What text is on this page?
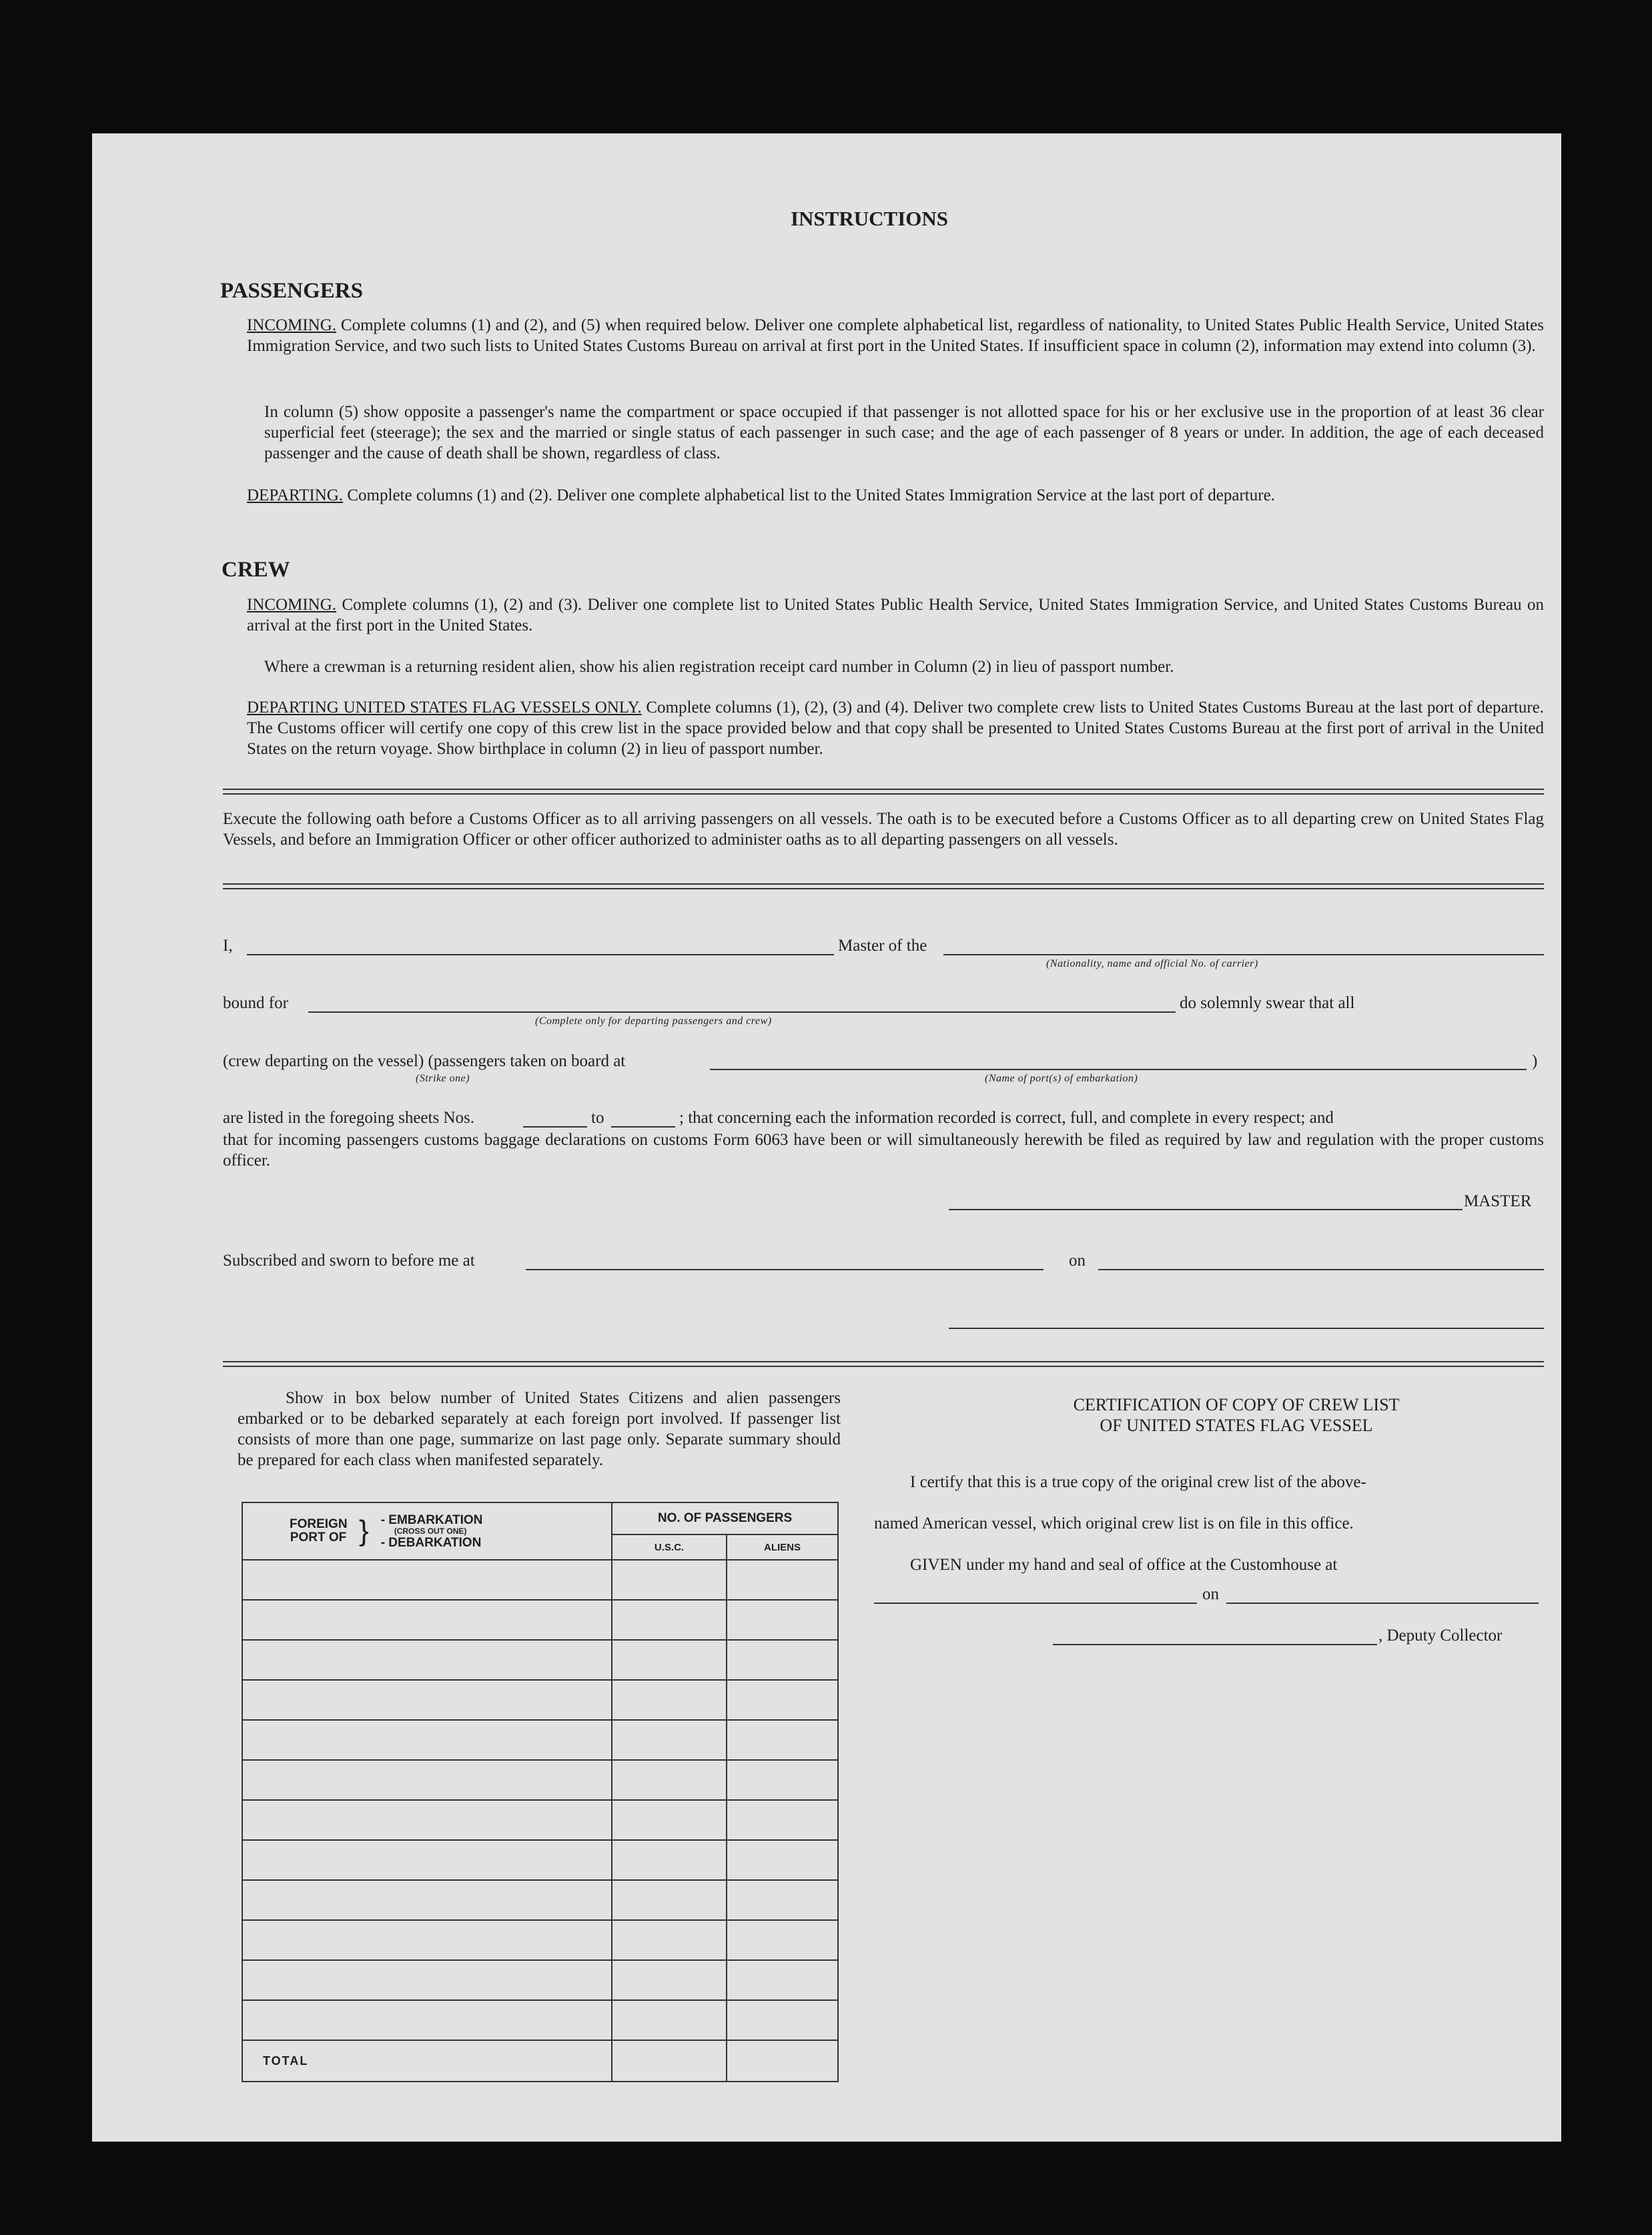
INSTRUCTIONS
PASSENGERS

INCOMING. Complete columns (1) and (2), and (5) when required below. Deliver one complete alphabetical list, regardless of nationality, to United States Public Health Service, United States Immigration Service, and two such lists to United States Customs Bureau on arrival at first port in the United States. If insufficient space in column (2), information may extend into column (3).

In column (5) show opposite a passenger's name the compartment or space occupied if that passenger is not allotted space for his or her exclusive use in the proportion of at least 36 clear superficial feet (steerage); the sex and the married or single status of each passenger in such case; and the age of each passenger of 8 years or under. In addition, the age of each deceased passenger and the cause of death shall be shown, regardless of class.

DEPARTING. Complete columns (1) and (2). Deliver one complete alphabetical list to the United States Immigration Service at the last port of departure.

CREW

INCOMING. Complete columns (1), (2) and (3). Deliver one complete list to United States Public Health Service, United States Immigration Service, and United States Customs Bureau on arrival at the first port in the United States.

Where a crewman is a returning resident alien, show his alien registration receipt card number in Column (2) in lieu of passport number.

DEPARTING UNITED STATES FLAG VESSELS ONLY. Complete columns (1), (2), (3) and (4). Deliver two complete crew lists to United States Customs Bureau at the last port of departure. The Customs officer will certify one copy of this crew list in the space provided below and that copy shall be presented to United States Customs Bureau at the first port of arrival in the United States on the return voyage. Show birthplace in column (2) in lieu of passport number.

Execute the following oath before a Customs Officer as to all arriving passengers on all vessels. The oath is to be executed before a Customs Officer as to all departing crew on United States Flag Vessels, and before an Immigration Officer or other officer authorized to administer oaths as to all departing passengers on all vessels.

I,	Master of the
(Nationality, name and official No. of carrier)
bound for
(Complete only for departing passengers and crew)
do solemnly swear that all
(crew departing on the vessel) (passengers taken on board at
(Strike one)	(Name of port(s) of embarkation)
)
are listed in the foregoing sheets Nos.	to	; that concerning each the information recorded is correct, full, and complete in every respect; and

that for incoming passengers customs baggage declarations on customs Form 6063 have been or will simultaneously herewith be filed as required by law and regulation with the proper customs officer.

MASTER
Subscribed and sworn to before me at	on

Show in box below number of United States Citizens and alien passengers embarked or to be debarked separately at each foreign port involved. If passenger list consists of more than one page, summarize on last page only. Separate summary should be prepared for each class when manifested separately.

FOREIGN PORT OF } - EMBARKATION
(CROSS OUT ONE)
- DEBARKATION	NO. OF PASSENGERS	
	U.S.C.	ALIENS

TOTAL		
CERTIFICATION OF COPY OF CREW LIST
OF UNITED STATES FLAG VESSEL
I certify that this is a true copy of the original crew list of the above-
named American vessel, which original crew list is on file in this office.
GIVEN under my hand and seal of office at the Customhouse at
on
, Deputy Collector
